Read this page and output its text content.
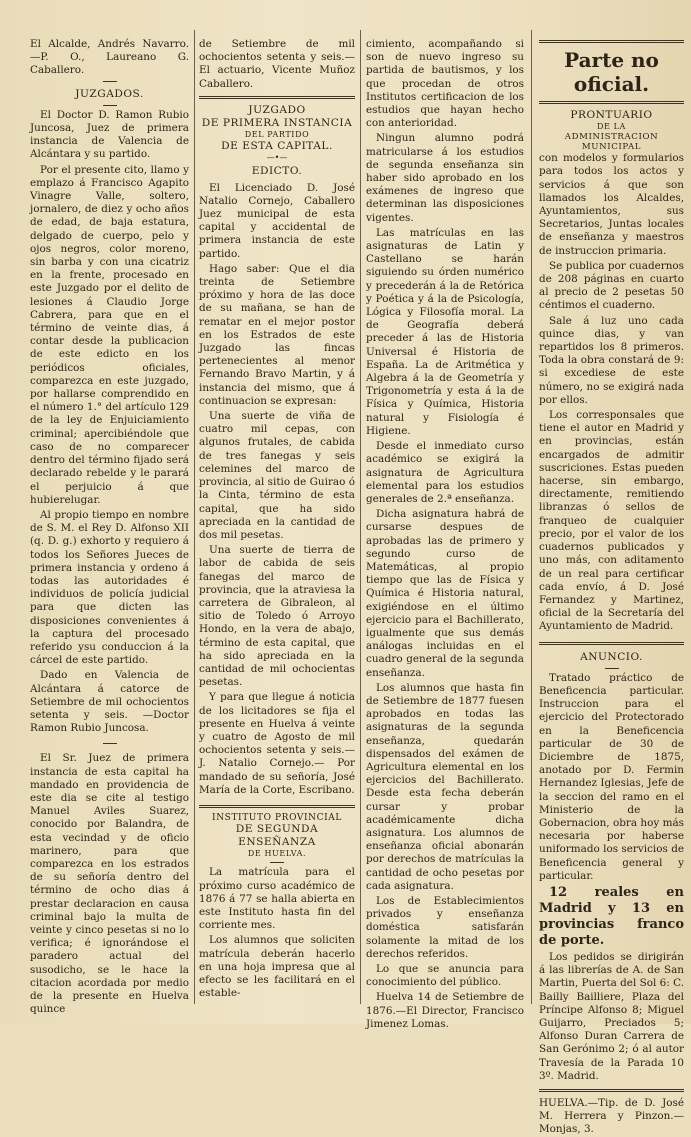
El Alcalde, Andrés Navarro. —P. O., Laureano G. Caballero.

JUZGADOS.

El Doctor D. Ramon Rubio Juncosa, Juez de primera instancia de Valencia de Alcántara y su partido.

Por el presente cito, llamo y emplazo á Francisco Agapito Vinagre Valle, soltero, jornalero, de diez y ocho años de edad, de baja estatura, delgado de cuerpo, pelo y ojos negros, color moreno, sin barba y con una cicatriz en la frente, procesado en este Juzgado por el delito de lesiones á Claudio Jorge Cabrera, para que en el término de veinte dias, á contar desde la publicacion de este edicto en los periódicos oficiales, comparezca en este juzgado, por hallarse comprendido en el número 1.° del artículo 129 de la ley de Enjuiciamiento criminal; apercibiéndole que caso de no comparecer dentro del término fijado será declarado rebelde y le parará el perjuicio á que hubierelugar.

Al propio tiempo en nombre de S. M. el Rey D. Alfonso XII (q. D. g.) exhorto y requiero á todos los Señores Jueces de primera instancia y ordeno á todas las autoridades é individuos de policía judicial para que dicten las disposiciones convenientes á la captura del procesado referido ysu conduccion á la cárcel de este partido.

Dado en Valencia de Alcántara á catorce de Setiembre de mil ochocientos setenta y seis. —Doctor Ramon Rubio Juncosa.

El Sr. Juez de primera instancia de esta capital ha mandado en providencia de este dia se cite al testigo Manuel Aviles Suarez, conocido por Balandra, de esta vecindad y de oficio marinero, para que comparezca en los estrados de su señoría dentro del término de ocho dias á prestar declaracion en causa criminal bajo la multa de veinte y cinco pesetas si no lo verifica; é ignorándose el paradero actual del susodicho, se le hace la citacion acordada por medio de la presente en Huelva quince

de Setiembre de mil ochocientos setenta y seis.—El actuario, Vicente Muñoz Caballero.

JUZGADO
DE PRIMERA INSTANCIA
DEL PARTIDO
DE ESTA CAPITAL.
—•—
EDICTO.

El Licenciado D. José Natalio Cornejo, Caballero Juez municipal de esta capital y accidental de primera instancia de este partido.

Hago saber: Que el dia treinta de Setiembre próximo y hora de las doce de su mañana, se han de rematar en el mejor postor en los Estrados de este Juzgado las fincas pertenecientes al menor Fernando Bravo Martin, y á instancia del mismo, que á continuacion se expresan:

Una suerte de viña de cuatro mil cepas, con algunos frutales, de cabida de tres fanegas y seis celemines del marco de provincia, al sitio de Guirao ó la Cinta, término de esta capital, que ha sido apreciada en la cantidad de dos mil pesetas.

Una suerte de tierra de labor de cabida de seis fanegas del marco de provincia, que la atraviesa la carretera de Gibraleon, al sitio de Toledo ó Arroyo Hondo, en la vera de abajo, término de esta capital, que ha sido apreciada en la cantidad de mil ochocientas pesetas.

Y para que llegue á noticia de los licitadores se fija el presente en Huelva á veinte y cuatro de Agosto de mil ochocientos setenta y seis.—J. Natalio Cornejo.— Por mandado de su señoría, José María de la Corte, Escribano.

INSTITUTO PROVINCIAL
DE SEGUNDA ENSEÑANZA
DE HUELVA.

La matrícula para el próximo curso académico de 1876 á 77 se halla abierta en este Instituto hasta fin del corriente mes.

Los alumnos que soliciten matrícula deberán hacerlo en una hoja impresa que al efecto se les facilitará en el estable-

cimiento, acompañando si son de nuevo ingreso su partida de bautismos, y los que procedan de otros Institutos certificacion de los estudios que hayan hecho con anterioridad.

Ningun alumno podrá matricularse á los estudios de segunda enseñanza sin haber sido aprobado en los exámenes de ingreso que determinan las disposiciones vigentes.

Las matrículas en las asignaturas de Latin y Castellano se harán siguiendo su órden numérico y precederán á la de Retórica y Poética y á la de Psicología, Lógica y Filosofía moral. La de Geografía deberá preceder á las de Historia Universal é Historia de España. La de Aritmética y Algebra á la de Geometría y Trigonometría y esta á la de Física y Química, Historia natural y Fisiología é Higiene.

Desde el inmediato curso académico se exigirá la asignatura de Agricultura elemental para los estudios generales de 2.ª enseñanza.

Dicha asignatura habrá de cursarse despues de aprobadas las de primero y segundo curso de Matemáticas, al propio tiempo que las de Física y Química é Historia natural, exigiéndose en el último ejercicio para el Bachillerato, igualmente que sus demás análogas incluidas en el cuadro general de la segunda enseñanza.

Los alumnos que hasta fin de Setiembre de 1877 fuesen aprobados en todas las asignaturas de la segunda enseñanza, quedarán dispensados del exámen de Agricultura elemental en los ejercicios del Bachillerato. Desde esta fecha deberán cursar y probar académicamente dicha asignatura. Los alumnos de enseñanza oficial abonarán por derechos de matrículas la cantidad de ocho pesetas por cada asignatura.

Los de Establecimientos privados y enseñanza doméstica satisfarán solamente la mitad de los derechos referidos.

Lo que se anuncia para conocimiento del público.

Huelva 14 de Setiembre de 1876.—El Director, Francisco Jimenez Lomas.

Parte no oficial.
PRONTUARIO
DE LA
ADMINISTRACION MUNICIPAL

con modelos y formularios para todos los actos y servicios á que son llamados los Alcaldes, Ayuntamientos, sus Secretarios, Juntas locales de enseñanza y maestros de instruccion primaria.

Se publica por cuadernos de 208 páginas en cuarto al precio de 2 pesetas 50 céntimos el cuaderno.

Sale á luz uno cada quince dias, y van repartidos los 8 primeros. Toda la obra constará de 9: si excediese de este número, no se exigirá nada por ellos.

Los corresponsales que tiene el autor en Madrid y en provincias, están encargados de admitir suscriciones. Estas pueden hacerse, sin embargo, directamente, remitiendo libranzas ó sellos de franqueo de cualquier precio, por el valor de los cuadernos publicados y uno más, con aditamento de un real para certificar cada envío, á D. José Fernandez y Martinez, oficial de la Secretaría del Ayuntamiento de Madrid.

ANUNCIO.

Tratado práctico de Beneficencia particular. Instruccion para el ejercicio del Protectorado en la Beneficencia particular de 30 de Diciembre de 1875, anotado por D. Fermin Hernandez Iglesias, Jefe de la seccion del ramo en el Ministerio de la Gobernacion, obra hoy más necesaria por haberse uniformado los servicios de Beneficencia general y particular.

12 reales en Madrid y 13 en provincias franco de porte.

Los pedidos se dirigirán á las librerías de A. de San Martin, Puerta del Sol 6: C. Bailly Bailliere, Plaza del Príncipe Alfonso 8; Miguel Guijarro, Preciados 5; Alfonso Duran Carrera de San Gerónimo 2; ó al autor Travesía de la Parada 10 3º. Madrid.

HUELVA.—Tip. de D. José M. Herrera y Pinzon.—Monjas, 3.
